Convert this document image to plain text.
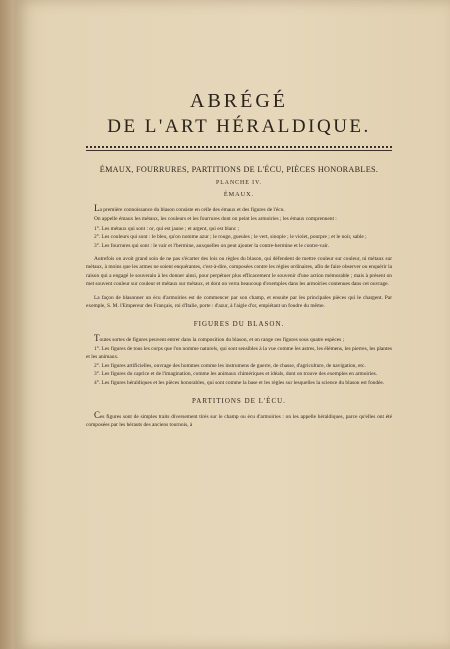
ABRÉGÉ
DE L'ART HÉRALDIQUE.
ÉMAUX, FOURRURES, PARTITIONS DE L'ÉCU, PIÈCES HONORABLES.
PLANCHE IV.
ÉMAUX.

La première connoissance du blason consiste en celle des émaux et des figures de l'écu.

On appelle émaux les métaux, les couleurs et les fourrures dont on peint les armoiries ; les émaux comprennent :

1°. Les métaux qui sont : or, qui est jaune ; et argent, qui est blanc ;

2°. Les couleurs qui sont : le bleu, qu'on nomme azur ; le rouge, gueules ; le vert, sinople ; le violet, pourpre ; et le noir, sable ;

3°. Les fourrures qui sont : le vair et l'hermine, auxquelles on peut ajouter la contre-hermine et le contre-vair.

Autrefois on avoit grand soin de ne pas s'écarter des lois ou règles du blason, qui défendent de mettre couleur sur couleur, ni métaux sur métaux, à moins que les armes ne soient enquérantes, c'est-à-dire, composées contre les règles ordinaires, afin de faire observer ou enquérir la raison qui a engagé le souverain à les donner ainsi, pour perpétuer plus efficacement le souvenir d'une action mémorable ; mais à présent on met souvent couleur sur couleur et métaux sur métaux, et dont on verra beaucoup d'exemples dans les armoiries contenues dans cet ouvrage.

La façon de blasonner un écu d'armoiries est de commencer par son champ, et ensuite par les principales pièces qui le chargent. Par exemple, S. M. l'Empereur des Français, roi d'Italie, porte : d'azur, à l'aigle d'or, empiétant un foudre du même.

FIGURES DU BLASON.

Toutes sortes de figures peuvent entrer dans la composition du blason, et on range ces figures sous quatre espèces ;

1°. Les figures de tous les corps que l'on nomme naturels, qui sont sensibles à la vue comme les astres, les élémens, les pierres, les plantes et les animaux.

2°. Les figures artificielles, ouvrage des hommes comme les instrumens de guerre, de chasse, d'agriculture, de navigation, etc.

3°. Les figures du caprice et de l'imagination, comme les animaux chimériques et idéals, dont on trouve des exemples en armoiries.

4°. Les figures héraldiques et les pièces honorables, qui sont comme la base et les règles sur lesquelles la science du blason est fondée.

PARTITIONS DE L'ÉCU.

Ces figures sont de simples traits diversement tirés sur le champ ou écu d'armoiries : on les appelle héraldiques, parce qu'elles ont été composées par les hérauts des anciens tournois, à
